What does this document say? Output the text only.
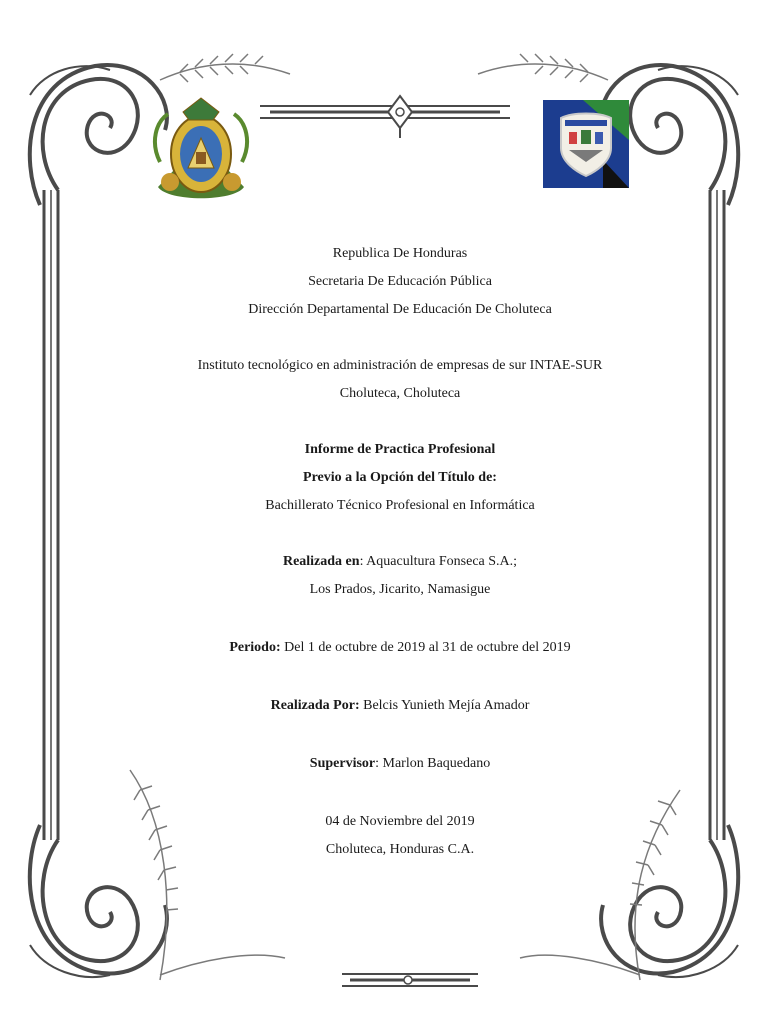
Republica De Honduras
Secretaria De Educación Pública
Dirección Departamental De Educación De Choluteca
Instituto tecnológico en administración de empresas de sur INTAE-SUR
Choluteca, Choluteca
Informe de Practica Profesional
Previo a la Opción del Título de:
Bachillerato Técnico Profesional en Informática
Realizada en: Aquacultura Fonseca S.A.;
Los Prados, Jicarito, Namasigue
Periodo: Del 1 de octubre de 2019 al 31 de octubre del 2019
Realizada Por: Belcis Yunieth Mejía Amador
Supervisor: Marlon Baquedano
04 de Noviembre del 2019
Choluteca, Honduras C.A.
